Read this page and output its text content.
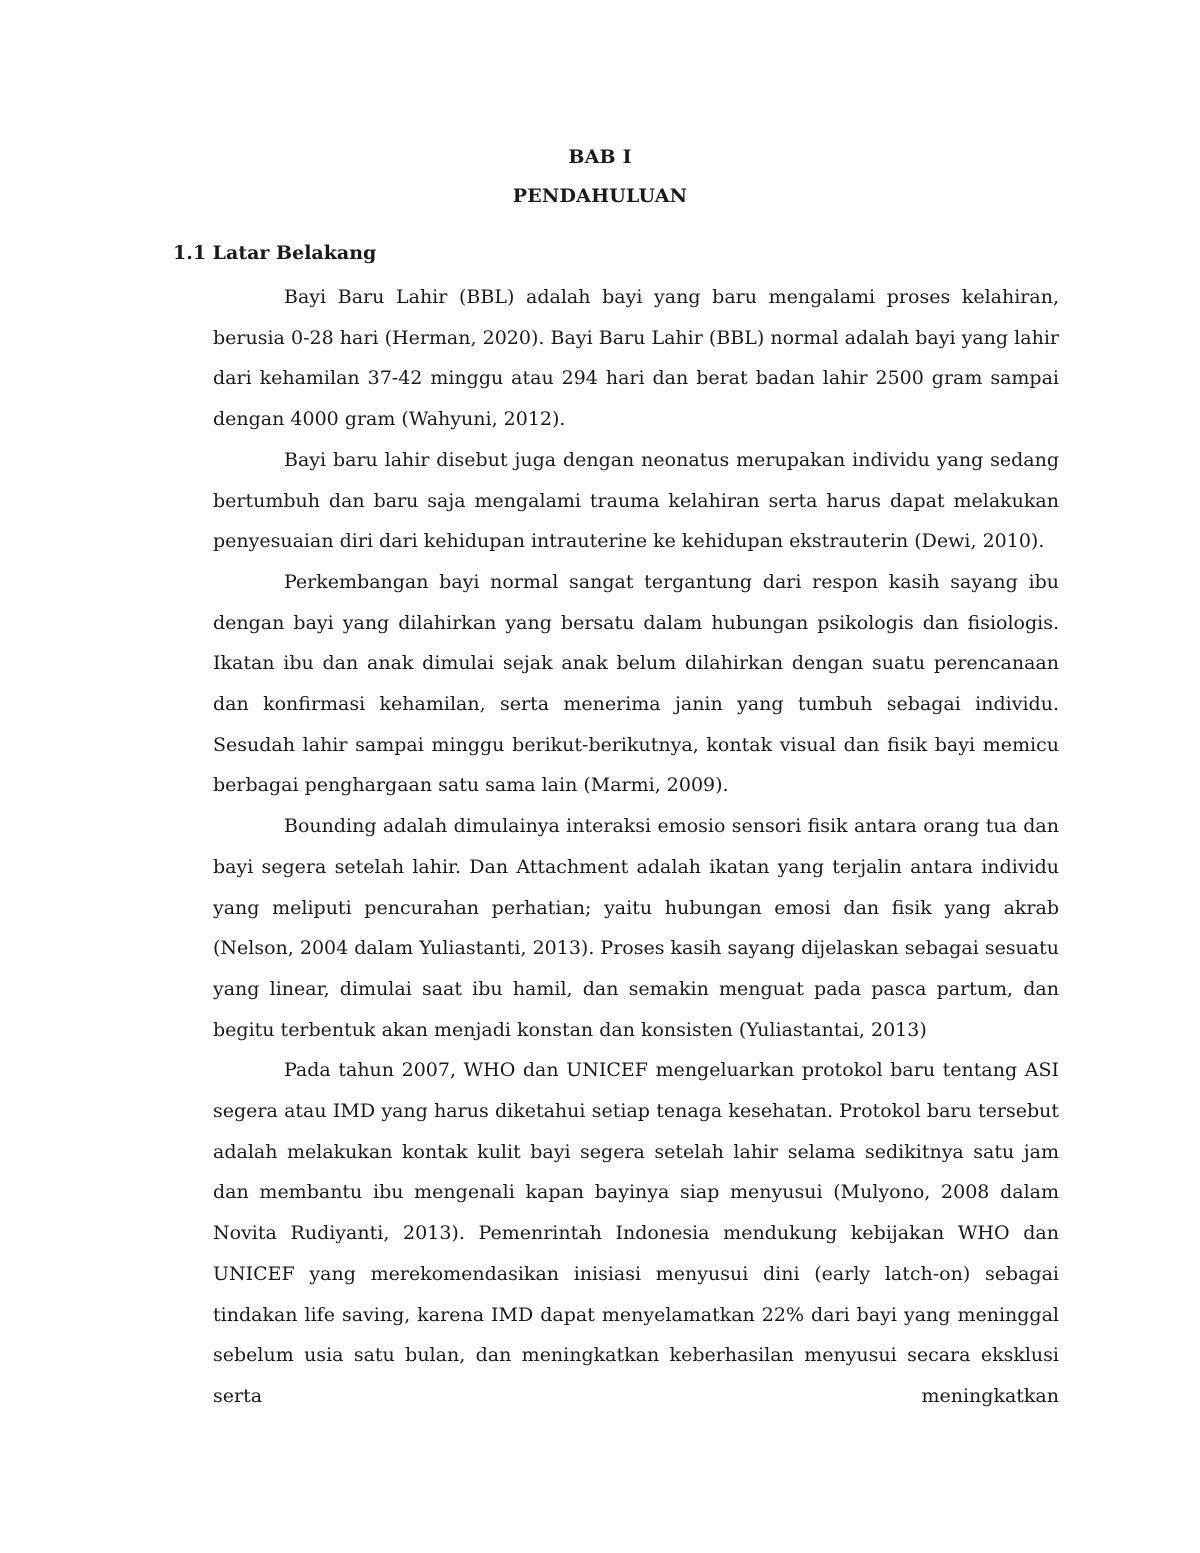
BAB I
PENDAHULUAN
1.1 Latar Belakang

Bayi Baru Lahir (BBL) adalah bayi yang baru mengalami proses kelahiran, berusia 0-28 hari (Herman, 2020). Bayi Baru Lahir (BBL) normal adalah bayi yang lahir dari kehamilan 37-42 minggu atau 294 hari dan berat badan lahir 2500 gram sampai dengan 4000 gram (Wahyuni, 2012).

Bayi baru lahir disebut juga dengan neonatus merupakan individu yang sedang bertumbuh dan baru saja mengalami trauma kelahiran serta harus dapat melakukan penyesuaian diri dari kehidupan intrauterine ke kehidupan ekstrauterin (Dewi, 2010).

Perkembangan bayi normal sangat tergantung dari respon kasih sayang ibu dengan bayi yang dilahirkan yang bersatu dalam hubungan psikologis dan fisiologis. Ikatan ibu dan anak dimulai sejak anak belum dilahirkan dengan suatu perencanaan dan konfirmasi kehamilan, serta menerima janin yang tumbuh sebagai individu. Sesudah lahir sampai minggu berikut-berikutnya, kontak visual dan fisik bayi memicu berbagai penghargaan satu sama lain (Marmi, 2009).

Bounding adalah dimulainya interaksi emosio sensori fisik antara orang tua dan bayi segera setelah lahir. Dan Attachment adalah ikatan yang terjalin antara individu yang meliputi pencurahan perhatian; yaitu hubungan emosi dan fisik yang akrab (Nelson, 2004 dalam Yuliastanti, 2013). Proses kasih sayang dijelaskan sebagai sesuatu yang linear, dimulai saat ibu hamil, dan semakin menguat pada pasca partum, dan begitu terbentuk akan menjadi konstan dan konsisten (Yuliastantai, 2013)

Pada tahun 2007, WHO dan UNICEF mengeluarkan protokol baru tentang ASI segera atau IMD yang harus diketahui setiap tenaga kesehatan. Protokol baru tersebut adalah melakukan kontak kulit bayi segera setelah lahir selama sedikitnya satu jam dan membantu ibu mengenali kapan bayinya siap menyusui (Mulyono, 2008 dalam Novita Rudiyanti, 2013). Pemenrintah Indonesia mendukung kebijakan WHO dan UNICEF yang merekomendasikan inisiasi menyusui dini (early latch-on) sebagai tindakan life saving, karena IMD dapat menyelamatkan 22% dari bayi yang meninggal sebelum usia satu bulan, dan meningkatkan keberhasilan menyusui secara eksklusi serta meningkatkan
